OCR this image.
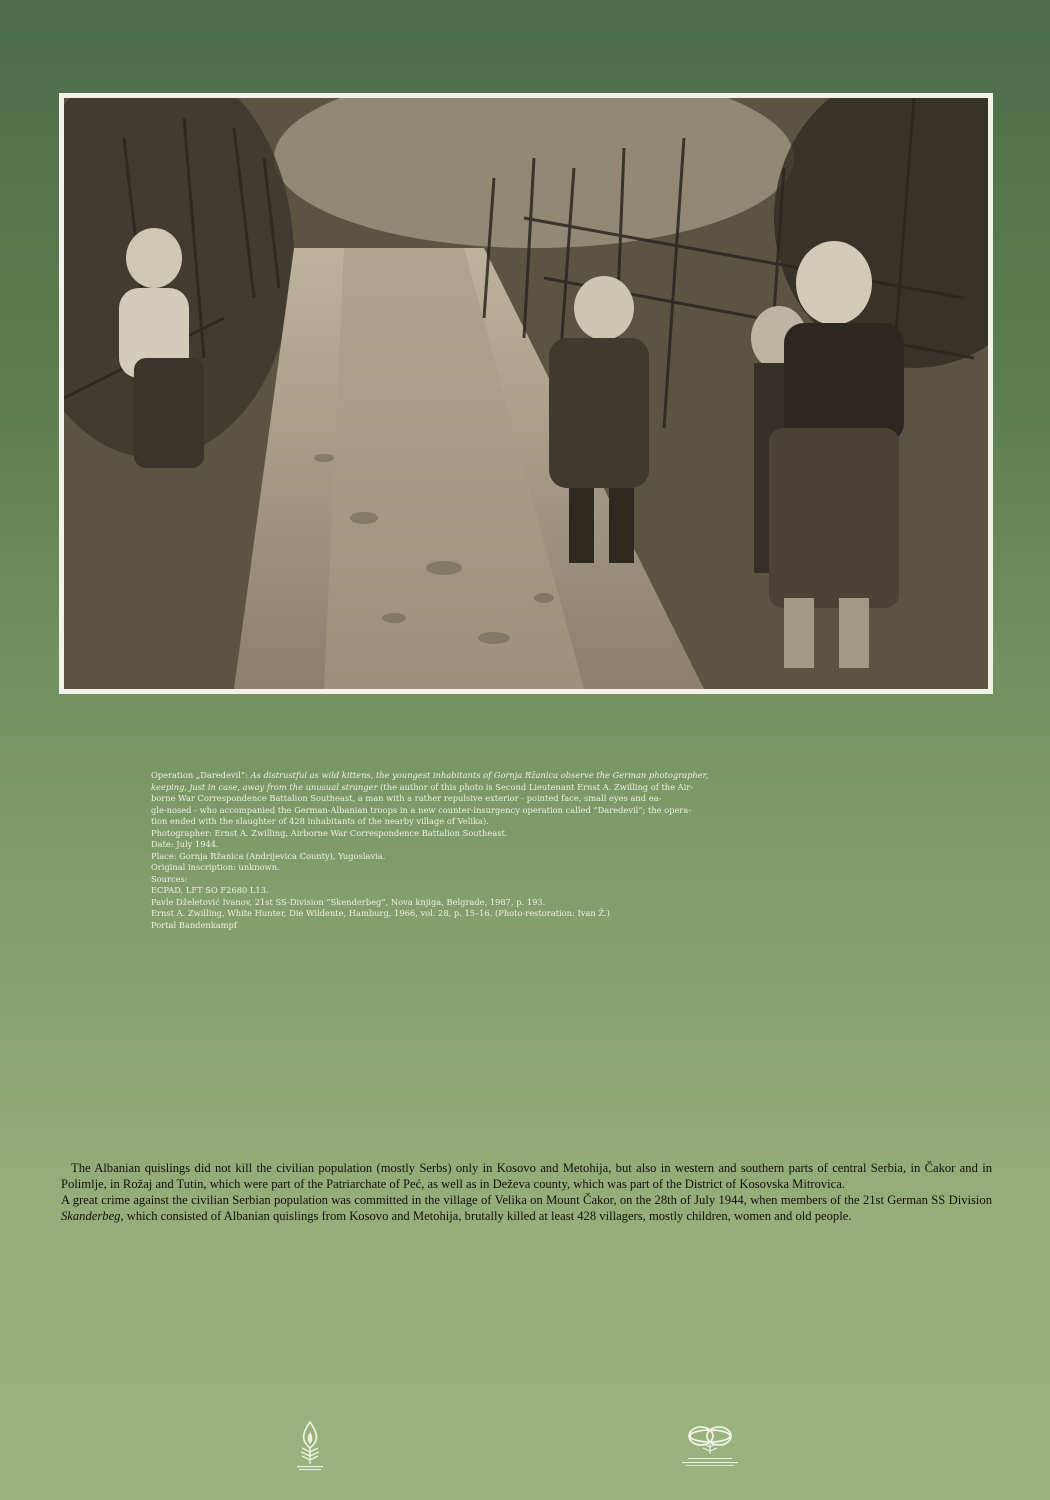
Operation „Daredevil“: As distrustful as wild kittens, the youngest inhabitants of Gornja Ržanica observe the German photographer,
keeping, just in case, away from the unusual stranger (the author of this photo is Second Lieutenant Ernst A. Zwilling of the Air-
borne War Correspondence Battalion Southeast, a man with a rather repulsive exterior - pointed face, small eyes and ea-
gle-nosed - who accompanied the German-Albanian troops in a new counter-insurgency operation called “Daredevil”; the opera-
tion ended with the slaughter of 428 inhabitants of the nearby village of Velika).
Photographer: Ernst A. Zwilling, Airborne War Correspondence Battalion Southeast.
Date: July 1944.
Place: Gornja Ržanica (Andrijevica County), Yugoslavia.
Original inscription: unknown.
Sources:
ECPAD, LFT SO F2680 L13.
Pavle Dželetović Ivanov, 21st SS-Division “Skenderbeg”, Nova knjiga, Belgrade, 1987, p. 193.
Ernst A. Zwilling, White Hunter, Die Wildente, Hamburg, 1966, vol. 28, p. 15–16. (Photo-restoration: Ivan Ž.)
Portal Bandenkampf

The Albanian quislings did not kill the civilian population (mostly Serbs) only in Kosovo and Metohija, but also in western and southern parts of central Serbia, in Čakor and in Polimlje, in Rožaj and Tutin, which were part of the Patriarchate of Peć, as well as in Deževa county, which was part of the District of Kosovska Mitrovica.

A great crime against the civilian Serbian population was committed in the village of Velika on Mount Čakor, on the 28th of July 1944, when members of the 21st German SS Division Skanderbeg, which consisted of Albanian quislings from Kosovo and Metohija, brutally killed at least 428 villagers, mostly children, women and old people.
